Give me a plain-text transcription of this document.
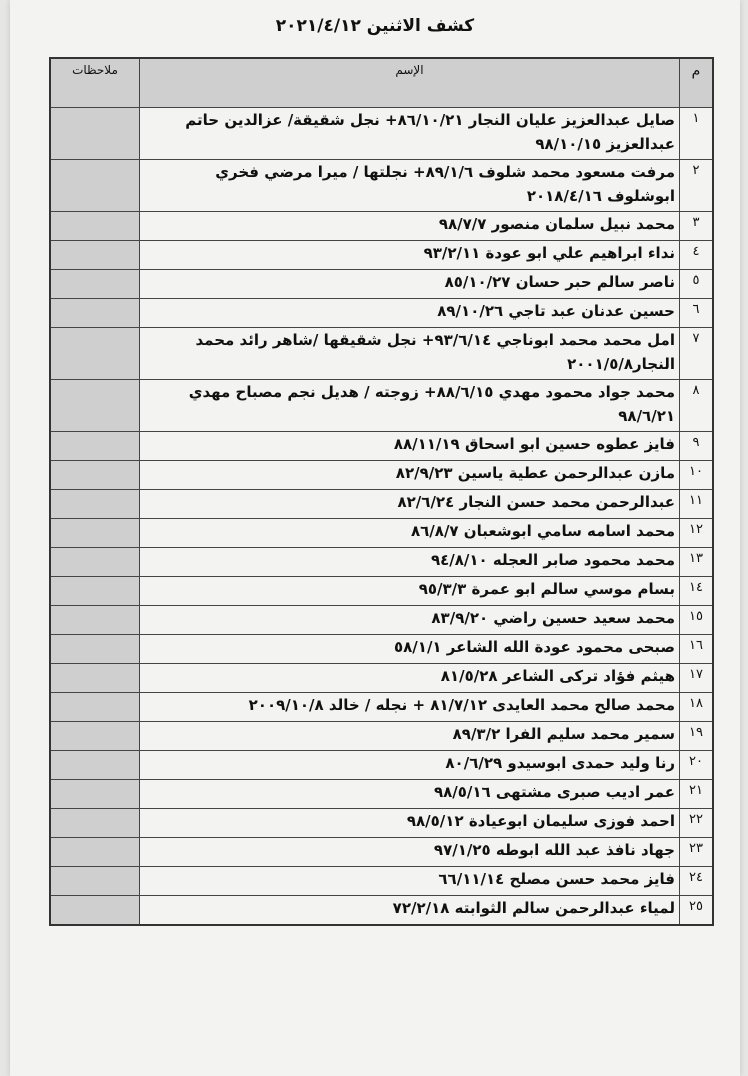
كشف الاثنين ٢٠٢١/٤/١٢
م	الإسم	ملاحظات
١	صايل عبدالعزيز عليان النجار ٨٦/١٠/٢١+ نجل شقيقة/ عزالدين حاتم عبدالعزيز ٩٨/١٠/١٥	
٢	مرفت مسعود محمد شلوف ٨٩/١/٦+ نجلتها / ميرا مرضي فخري ابوشلوف ٢٠١٨/٤/١٦	
٣	محمد نبيل سلمان منصور ٩٨/٧/٧	
٤	نداء ابراهيم علي ابو عودة ٩٣/٢/١١	
٥	ناصر سالم حبر حسان ٨٥/١٠/٢٧	
٦	حسين عدنان عبد تاجي ٨٩/١٠/٢٦	
٧	امل محمد محمد ابوناجي ٩٣/٦/١٤+ نجل شقيقها /شاهر رائد محمد النجار٢٠٠١/٥/٨	
٨	محمد جواد محمود مهدي ٨٨/٦/١٥+ زوجته / هديل نجم مصباح مهدي ٩٨/٦/٢١	
٩	فايز عطوه حسين ابو اسحاق ٨٨/١١/١٩	
١٠	مازن عبدالرحمن عطية ياسين ٨٢/٩/٢٣	
١١	عبدالرحمن محمد حسن النجار ٨٢/٦/٢٤	
١٢	محمد اسامه سامي ابوشعبان ٨٦/٨/٧	
١٣	محمد محمود صابر العجله ٩٤/٨/١٠	
١٤	بسام موسي سالم ابو عمرة ٩٥/٣/٣	
١٥	محمد سعيد حسين راضي ٨٣/٩/٢٠	
١٦	صبحى محمود عودة الله الشاعر ٥٨/١/١	
١٧	هيثم فؤاد تركى الشاعر ٨١/٥/٢٨	
١٨	محمد صالح محمد العايدى ٨١/٧/١٢ + نجله / خالد ٢٠٠٩/١٠/٨	
١٩	سمير محمد سليم الفرا ٨٩/٣/٢	
٢٠	رنا وليد حمدى ابوسيدو ٨٠/٦/٢٩	
٢١	عمر اديب صبرى مشتهى ٩٨/٥/١٦	
٢٢	احمد فوزى سليمان ابوعيادة ٩٨/٥/١٢	
٢٣	جهاد نافذ عبد الله ابوطه ٩٧/١/٢٥	
٢٤	فايز محمد حسن مصلح ٦٦/١١/١٤	
٢٥	لمياء عبدالرحمن سالم الثوابته ٧٢/٢/١٨	
